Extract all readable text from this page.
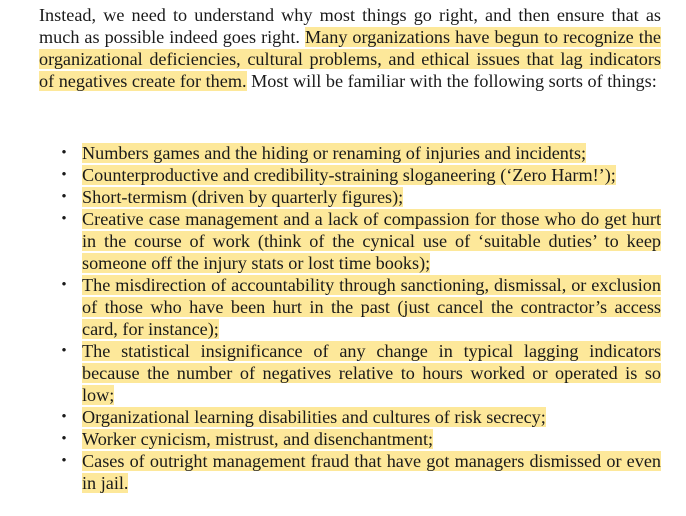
Instead, we need to understand why most things go right, and then ensure that as much as possible indeed goes right. Many organizations have begun to recognize the organizational deficiencies, cultural problems, and ethical issues that lag indicators of negatives create for them. Most will be familiar with the following sorts of things:

• Numbers games and the hiding or renaming of injuries and incidents;
• Counterproductive and credibility-straining sloganeering (‘Zero Harm!’);
• Short-termism (driven by quarterly figures);
• Creative case management and a lack of compassion for those who do get hurt in the course of work (think of the cynical use of ‘suitable duties’ to keep someone off the injury stats or lost time books);
• The misdirection of accountability through sanctioning, dismissal, or exclusion of those who have been hurt in the past (just cancel the contractor’s access card, for instance);
• The statistical insignificance of any change in typical lagging indicators because the number of negatives relative to hours worked or operated is so low;
• Organizational learning disabilities and cultures of risk secrecy;
• Worker cynicism, mistrust, and disenchantment;
• Cases of outright management fraud that have got managers dismissed or even in jail.
